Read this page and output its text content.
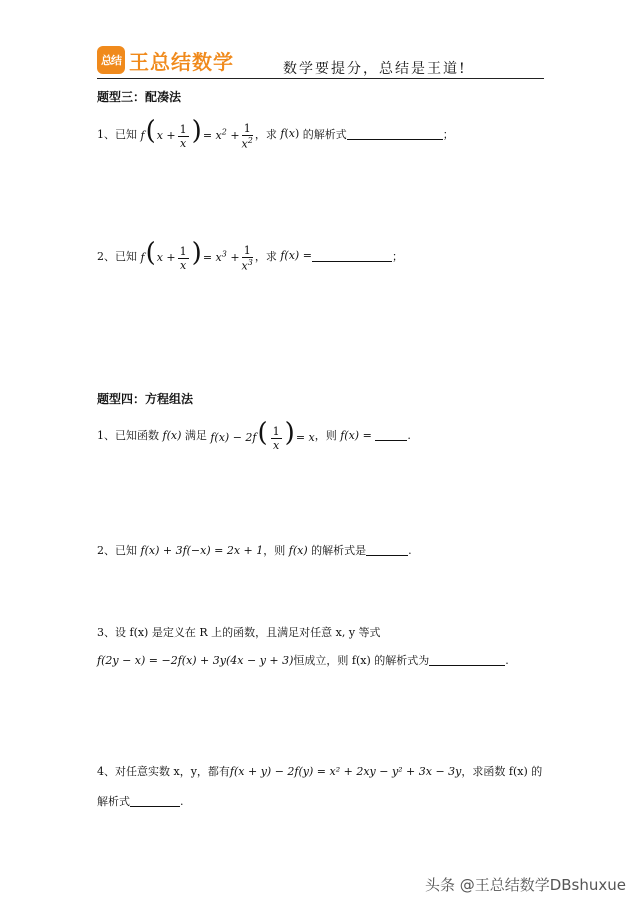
总结 王总结数学	数学要提分，总结是王道!
题型三：配凑法
1、已知 $f(x + \frac{1}{x}$ )= $x^2 + \frac{1}{x^2}$ ，求 f(x) 的解析式	；
2、已知 $f(x + \frac{1}{x}$ )= $x^3 + \frac{1}{x^3}$ ，求 f(x) =	；
题型四：方程组法
1、已知函数 f(x) 满足 $f(x) - 2f( \frac{1}{x}$ )= x ，则 f(x) =	.
2、已知 f(x) + 3f(−x) = 2x + 1 ，则 f(x) 的解析式是	.
3、设 f(x) 是定义在 R 上的函数，且满足对任意 x, y 等式
f(2y − x) = −2f(x) + 3y(4x − y + 3) 恒成立，则 f(x) 的解析式为	.
4、对任意实数 x，y，都有 f(x + y) − 2f(y) = x² + 2xy − y² + 3x − 3y ，求函数 f(x) 的
解析式	.
头条 @王总结数学DBshuxue
